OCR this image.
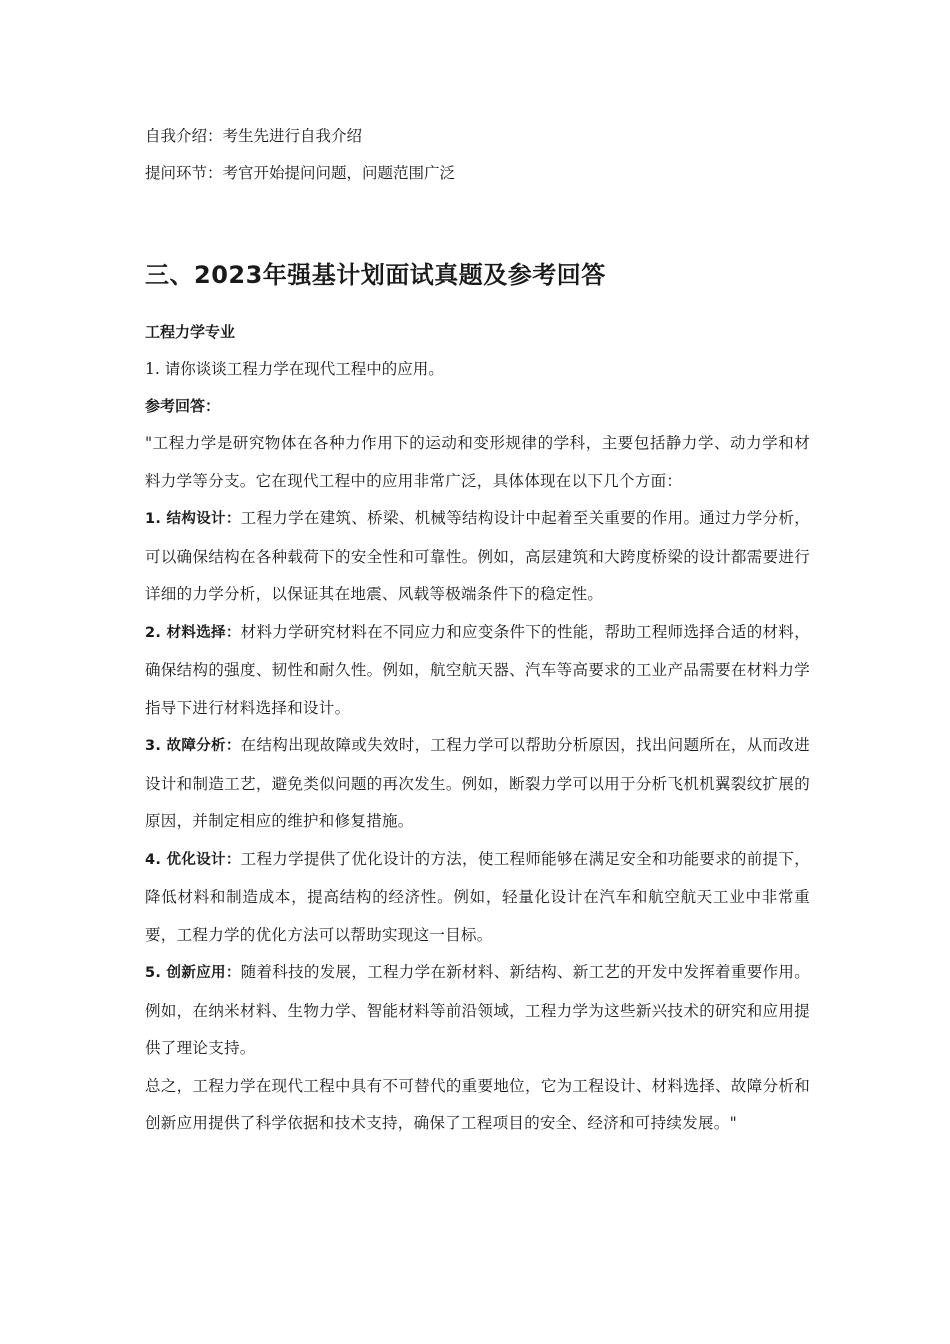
自我介绍：考生先进行自我介绍

提问环节：考官开始提问问题，问题范围广泛

三、2023年强基计划面试真题及参考回答

工程力学专业

1. 请你谈谈工程力学在现代工程中的应用。

参考回答：

"工程力学是研究物体在各种力作用下的运动和变形规律的学科，主要包括静力学、动力学和材料力学等分支。它在现代工程中的应用非常广泛，具体体现在以下几个方面：

1. 结构设计：工程力学在建筑、桥梁、机械等结构设计中起着至关重要的作用。通过力学分析，可以确保结构在各种载荷下的安全性和可靠性。例如，高层建筑和大跨度桥梁的设计都需要进行详细的力学分析，以保证其在地震、风载等极端条件下的稳定性。

2. 材料选择：材料力学研究材料在不同应力和应变条件下的性能，帮助工程师选择合适的材料，确保结构的强度、韧性和耐久性。例如，航空航天器、汽车等高要求的工业产品需要在材料力学指导下进行材料选择和设计。

3. 故障分析：在结构出现故障或失效时，工程力学可以帮助分析原因，找出问题所在，从而改进设计和制造工艺，避免类似问题的再次发生。例如，断裂力学可以用于分析飞机机翼裂纹扩展的原因，并制定相应的维护和修复措施。

4. 优化设计：工程力学提供了优化设计的方法，使工程师能够在满足安全和功能要求的前提下，降低材料和制造成本，提高结构的经济性。例如，轻量化设计在汽车和航空航天工业中非常重要，工程力学的优化方法可以帮助实现这一目标。

5. 创新应用：随着科技的发展，工程力学在新材料、新结构、新工艺的开发中发挥着重要作用。例如，在纳米材料、生物力学、智能材料等前沿领域，工程力学为这些新兴技术的研究和应用提供了理论支持。

总之，工程力学在现代工程中具有不可替代的重要地位，它为工程设计、材料选择、故障分析和创新应用提供了科学依据和技术支持，确保了工程项目的安全、经济和可持续发展。"
